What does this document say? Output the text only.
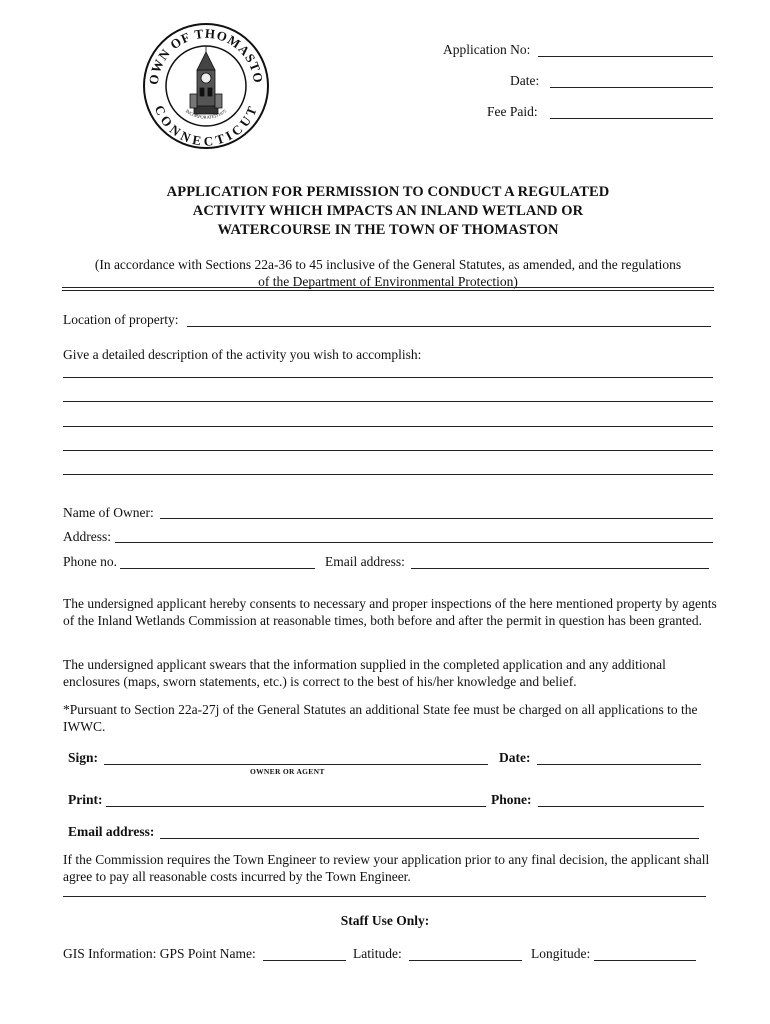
OWN OF THOMASTO
CONNECTICUT
INCORPORATED 1875
Application No:
Date:
Fee Paid:
APPLICATION FOR PERMISSION TO CONDUCT A REGULATED
ACTIVITY WHICH IMPACTS AN INLAND WETLAND OR
WATERCOURSE IN THE TOWN OF THOMASTON
(In accordance with Sections 22a-36 to 45 inclusive of the General Statutes, as amended, and the regulations
of the Department of Environmental Protection)
Location of property:
Give a detailed description of the activity you wish to accomplish:
Name of Owner:
Address:
Phone no.	Email address:
The undersigned applicant hereby consents to necessary and proper inspections of the here mentioned property by agents of the Inland Wetlands Commission at reasonable times, both before and after the permit in question has been granted.
The undersigned applicant swears that the information supplied in the completed application and any additional enclosures (maps, sworn statements, etc.) is correct to the best of his/her knowledge and belief.
*Pursuant to Section 22a-27j of the General Statutes an additional State fee must be charged on all applications to the IWWC.
Sign:
OWNER OR AGENT
Date:
Print:	Phone:
Email address:
If the Commission requires the Town Engineer to review your application prior to any final decision, the applicant shall agree to pay all reasonable costs incurred by the Town Engineer.
Staff Use Only:
GIS Information: GPS Point Name:	Latitude:	Longitude:
